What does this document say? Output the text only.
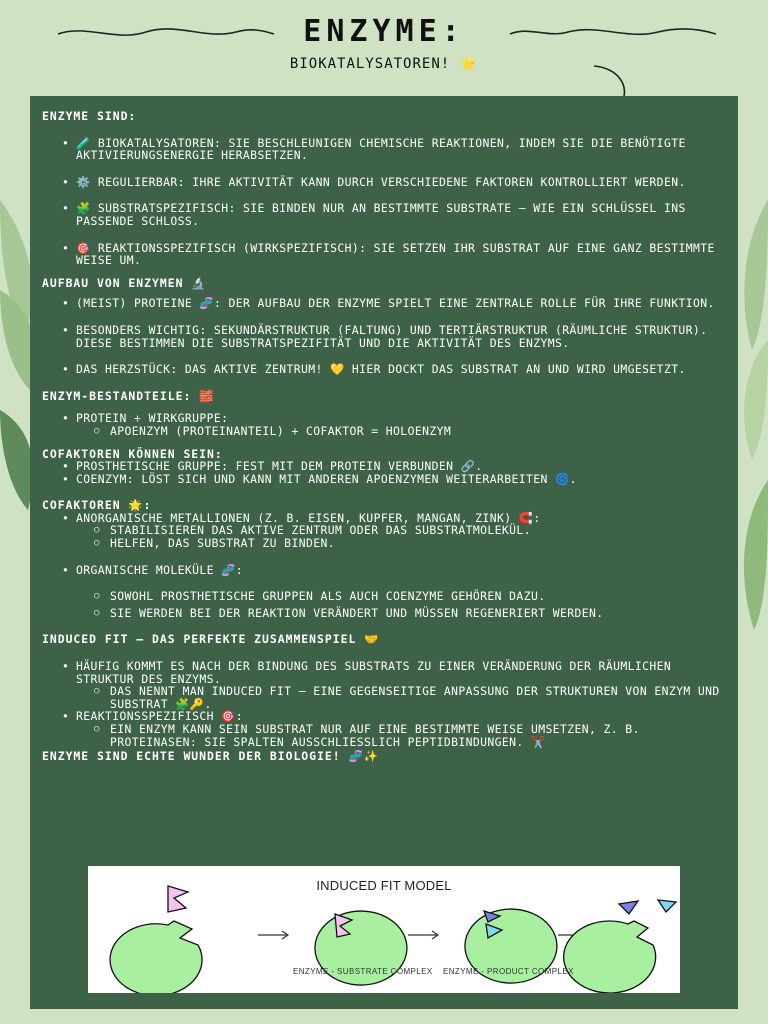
ENZYME:
BIOKATALYSATOREN! ⭐
ENZYME SIND:
• 🧪 BIOKATALYSATOREN: SIE BESCHLEUNIGEN CHEMISCHE REAKTIONEN, INDEM SIE DIE BENÖTIGTE AKTIVIERUNGSENERGIE HERABSETZEN.
• ⚙️ REGULIERBAR: IHRE AKTIVITÄT KANN DURCH VERSCHIEDENE FAKTOREN KONTROLLIERT WERDEN.
• 🧩 SUBSTRATSPEZIFISCH: SIE BINDEN NUR AN BESTIMMTE SUBSTRATE – WIE EIN SCHLÜSSEL INS PASSENDE SCHLOSS.
• 🎯 REAKTIONSSPEZIFISCH (WIRKSPEZIFISCH): SIE SETZEN IHR SUBSTRAT AUF EINE GANZ BESTIMMTE WEISE UM.
AUFBAU VON ENZYMEN 🔬
• (MEIST) PROTEINE 🧬: DER AUFBAU DER ENZYME SPIELT EINE ZENTRALE ROLLE FÜR IHRE FUNKTION.
• BESONDERS WICHTIG: SEKUNDÄRSTRUKTUR (FALTUNG) UND TERTIÄRSTRUKTUR (RÄUMLICHE STRUKTUR). DIESE BESTIMMEN DIE SUBSTRATSPEZIFITÄT UND DIE AKTIVITÄT DES ENZYMS.
• DAS HERZSTÜCK: DAS AKTIVE ZENTRUM! 💛 HIER DOCKT DAS SUBSTRAT AN UND WIRD UMGESETZT.
ENZYM-BESTANDTEILE: 🧱
• PROTEIN + WIRKGRUPPE:
○ APOENZYM (PROTEINANTEIL) + COFAKTOR = HOLOENZYM
COFAKTOREN KÖNNEN SEIN:
• PROSTHETISCHE GRUPPE: FEST MIT DEM PROTEIN VERBUNDEN 🔗.
• COENZYM: LÖST SICH UND KANN MIT ANDEREN APOENZYMEN WEITERARBEITEN 🌀.
COFAKTOREN 🌟:
• ANORGANISCHE METALLIONEN (Z. B. EISEN, KUPFER, MANGAN, ZINK) 🧲:
○ STABILISIEREN DAS AKTIVE ZENTRUM ODER DAS SUBSTRATMOLEKÜL.
○ HELFEN, DAS SUBSTRAT ZU BINDEN.
• ORGANISCHE MOLEKÜLE 🧬:
○ SOWOHL PROSTHETISCHE GRUPPEN ALS AUCH COENZYME GEHÖREN DAZU.
○ SIE WERDEN BEI DER REAKTION VERÄNDERT UND MÜSSEN REGENERIERT WERDEN.
INDUCED FIT – DAS PERFEKTE ZUSAMMENSPIEL 🤝
• HÄUFIG KOMMT ES NACH DER BINDUNG DES SUBSTRATS ZU EINER VERÄNDERUNG DER RÄUMLICHEN STRUKTUR DES ENZYMS.
○ DAS NENNT MAN INDUCED FIT – EINE GEGENSEITIGE ANPASSUNG DER STRUKTUREN VON ENZYM UND SUBSTRAT 🧩🔑.
• REAKTIONSSPEZIFISCH 🎯:
○ EIN ENZYM KANN SEIN SUBSTRAT NUR AUF EINE BESTIMMTE WEISE UMSETZEN, Z. B. PROTEINASEN: SIE SPALTEN AUSSCHLIESSLICH PEPTIDBINDUNGEN. ✂️
ENZYME SIND ECHTE WUNDER DER BIOLOGIE! 🧬✨
INDUCED FIT MODEL
ENZYME - SUBSTRATE COMPLEX ENZYME - PRODUCT COMPLEX
